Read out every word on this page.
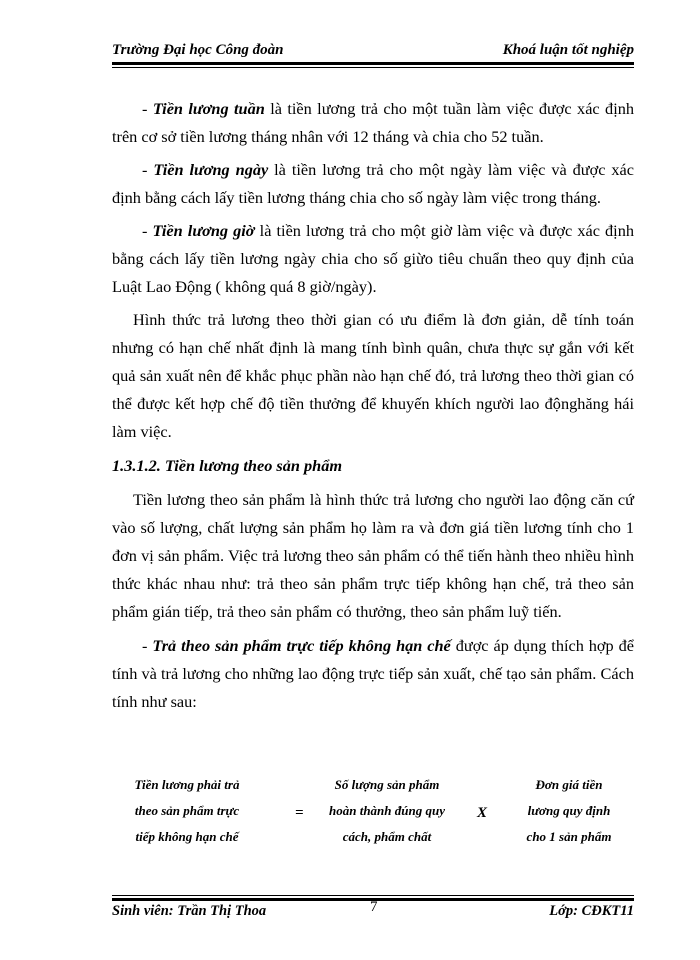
Trường Đại học Công đoàn	Khoá luận tốt nghiệp

- Tiền lương tuần là tiền lương trả cho một tuần làm việc được xác định trên cơ sở tiền lương tháng nhân với 12 tháng và chia cho 52 tuần.

- Tiền lương ngày là tiền lương trả cho một ngày làm việc và được xác định bằng cách lấy tiền lương tháng chia cho số ngày làm việc trong tháng.

- Tiền lương giờ là tiền lương trả cho một giờ làm việc và được xác định bằng cách lấy tiền lương ngày chia cho số giừo tiêu chuẩn theo quy định của Luật Lao Động ( không quá 8 giờ/ngày).

Hình thức trả lương theo thời gian có ưu điểm là đơn giản, dễ tính toán nhưng có hạn chế nhất định là mang tính bình quân, chưa thực sự gắn với kết quả sản xuất nên để khắc phục phần nào hạn chế đó, trả lương theo thời gian có thể được kết hợp chế độ tiền thưởng để khuyến khích người lao độnghăng hái làm việc.

1.3.1.2. Tiền lương theo sản phẩm

Tiền lương theo sản phẩm là hình thức trả lương cho người lao động căn cứ vào số lượng, chất lượng sản phẩm họ làm ra và đơn giá tiền lương tính cho 1 đơn vị sản phẩm. Việc trả lương theo sản phẩm có thể tiến hành theo nhiều hình thức khác nhau như: trả theo sản phẩm trực tiếp không hạn chế, trả theo sản phẩm gián tiếp, trả theo sản phẩm có thưởng, theo sản phẩm luỹ tiến.

- Trả theo sản phẩm trực tiếp không hạn chế được áp dụng thích hợp để tính và trả lương cho những lao động trực tiếp sản xuất, chế tạo sản phẩm. Cách tính như sau:

Tiền lương phải trả
theo sản phẩm trực
tiếp không hạn chế
=
Số lượng sản phẩm
hoàn thành đúng quy
cách, phẩm chất
X
Đơn giá tiền
lương quy định
cho 1 sản phẩm
Sinh viên: Trần Thị Thoa	7	Lớp: CĐKT11
